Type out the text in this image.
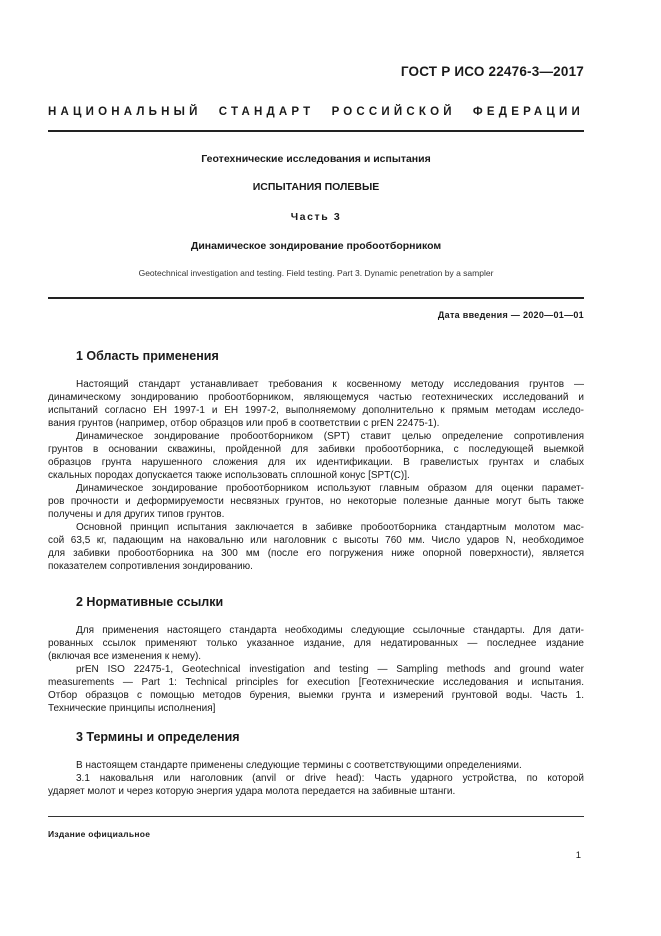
ГОСТ Р ИСО 22476-3—2017
НАЦИОНАЛЬНЫЙ СТАНДАРТ РОССИЙСКОЙ ФЕДЕРАЦИИ
Геотехнические исследования и испытания
ИСПЫТАНИЯ ПОЛЕВЫЕ
Часть 3
Динамическое зондирование пробоотборником
Geotechnical investigation and testing. Field testing. Part 3. Dynamic penetration by a sampler
Дата введения — 2020—01—01
1 Область применения
Настоящий стандарт устанавливает требования к косвенному методу исследования грунтов —
динамическому зондированию пробоотборником, являющемуся частью геотехнических исследований и
испытаний согласно ЕН 1997-1 и ЕН 1997-2, выполняемому дополнительно к прямым методам исследо-
вания грунтов (например, отбор образцов или проб в соответствии с prEN 22475-1).
Динамическое зондирование пробоотборником (SPT) ставит целью определение сопротивления
грунтов в основании скважины, пройденной для забивки пробоотборника, с последующей выемкой
образцов грунта нарушенного сложения для их идентификации. В гравелистых грунтах и слабых
скальных породах допускается также использовать сплошной конус [SPT(C)].
Динамическое зондирование пробоотборником используют главным образом для оценки парамет-
ров прочности и деформируемости несвязных грунтов, но некоторые полезные данные могут быть также
получены и для других типов грунтов.
Основной принцип испытания заключается в забивке пробоотборника стандартным молотом мас-
сой 63,5 кг, падающим на наковальню или наголовник с высоты 760 мм. Число ударов N, необходимое
для забивки пробоотборника на 300 мм (после его погружения ниже опорной поверхности), является
показателем сопротивления зондированию.
2 Нормативные ссылки
Для применения настоящего стандарта необходимы следующие ссылочные стандарты. Для дати-
рованных ссылок применяют только указанное издание, для недатированных — последнее издание
(включая все изменения к нему).
prEN ISO 22475-1, Geotechnical investigation and testing — Sampling methods and ground water
measurements — Part 1: Technical principles for execution [Геотехнические исследования и испытания.
Отбор образцов с помощью методов бурения, выемки грунта и измерений грунтовой воды. Часть 1.
Технические принципы исполнения]
3 Термины и определения
В настоящем стандарте применены следующие термины с соответствующими определениями.
3.1 наковальня или наголовник (anvil or drive head): Часть ударного устройства, по которой
ударяет молот и через которую энергия удара молота передается на забивные штанги.
Издание официальное
1
